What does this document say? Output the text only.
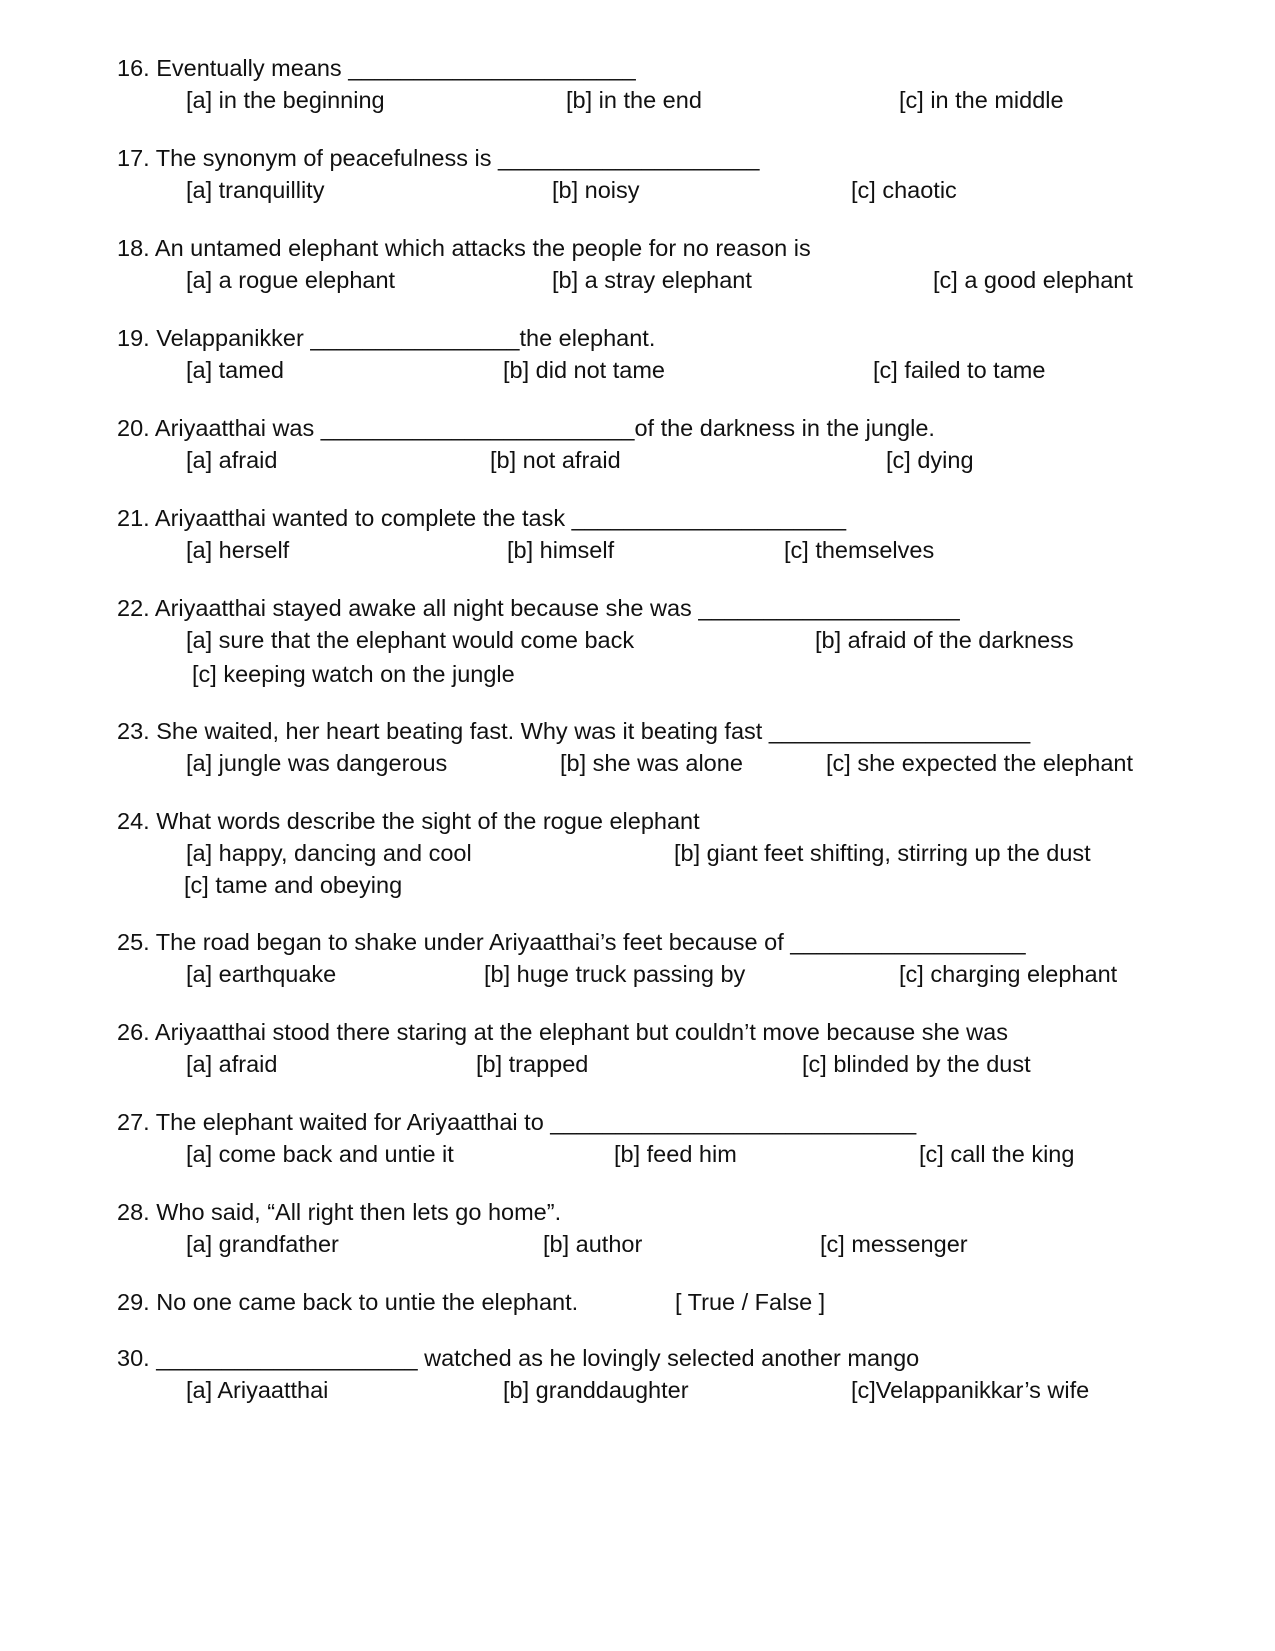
16. Eventually means ______________________
[a] in the beginning	[b] in the end	[c] in the middle
17. The synonym of peacefulness is ____________________
[a] tranquillity	[b] noisy	[c] chaotic
18. An untamed elephant which attacks the people for no reason is
[a] a rogue elephant	[b] a stray elephant	[c] a good elephant
19. Velappanikker ________________the elephant.
[a] tamed	[b] did not tame	[c] failed to tame
20. Ariyaatthai was ________________________of the darkness in the jungle.
[a] afraid	[b] not afraid	[c] dying
21. Ariyaatthai wanted to complete the task _____________________
[a] herself	[b] himself	[c] themselves
22. Ariyaatthai stayed awake all night because she was ____________________
[a] sure that the elephant would come back	[b] afraid of the darkness
[c] keeping watch on the jungle
23. She waited, her heart beating fast. Why was it beating fast ____________________
[a] jungle was dangerous	[b] she was alone	[c] she expected the elephant
24. What words describe the sight of the rogue elephant
[a] happy, dancing and cool	[b] giant feet shifting, stirring up the dust
[c] tame and obeying
25. The road began to shake under Ariyaatthai’s feet because of __________________
[a] earthquake	[b] huge truck passing by	[c] charging elephant
26. Ariyaatthai stood there staring at the elephant but couldn’t move because she was
[a] afraid	[b] trapped	[c] blinded by the dust
27. The elephant waited for Ariyaatthai to ____________________________
[a] come back and untie it	[b] feed him	[c] call the king
28. Who said, “All right then lets go home”.
[a] grandfather	[b] author	[c] messenger
29. No one came back to untie the elephant.	[ True / False ]
30. ____________________ watched as he lovingly selected another mango
[a] Ariyaatthai	[b] granddaughter	[c]Velappanikkar’s wife
